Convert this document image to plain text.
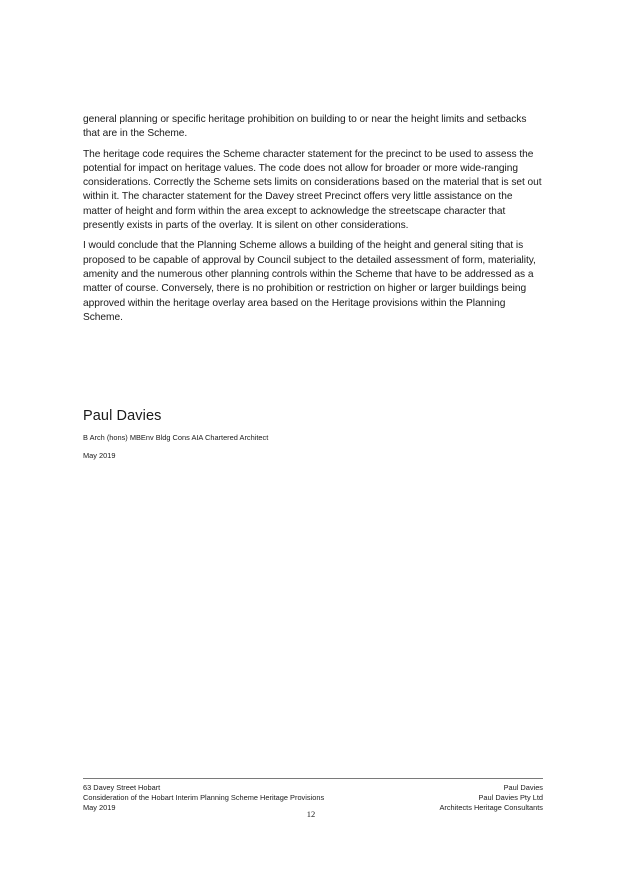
general planning or specific heritage prohibition on building to or near the height limits and setbacks that are in the Scheme.

The heritage code requires the Scheme character statement for the precinct to be used to assess the potential for impact on heritage values. The code does not allow for broader or more wide-ranging considerations. Correctly the Scheme sets limits on considerations based on the material that is set out within it. The character statement for the Davey street Precinct offers very little assistance on the matter of height and form within the area except to acknowledge the streetscape character that presently exists in parts of the overlay. It is silent on other considerations.

I would conclude that the Planning Scheme allows a building of the height and general siting that is proposed to be capable of approval by Council subject to the detailed assessment of form, materiality, amenity and the numerous other planning controls within the Scheme that have to be addressed as a matter of course. Conversely, there is no prohibition or restriction on higher or larger buildings being approved within the heritage overlay area based on the Heritage provisions within the Planning Scheme.

Paul Davies
B Arch (hons) MBEnv Bldg Cons AIA Chartered Architect
May 2019
63 Davey Street Hobart
Consideration of the Hobart Interim Planning Scheme Heritage Provisions
May 2019
Paul Davies
Paul Davies Pty Ltd
Architects Heritage Consultants
12
